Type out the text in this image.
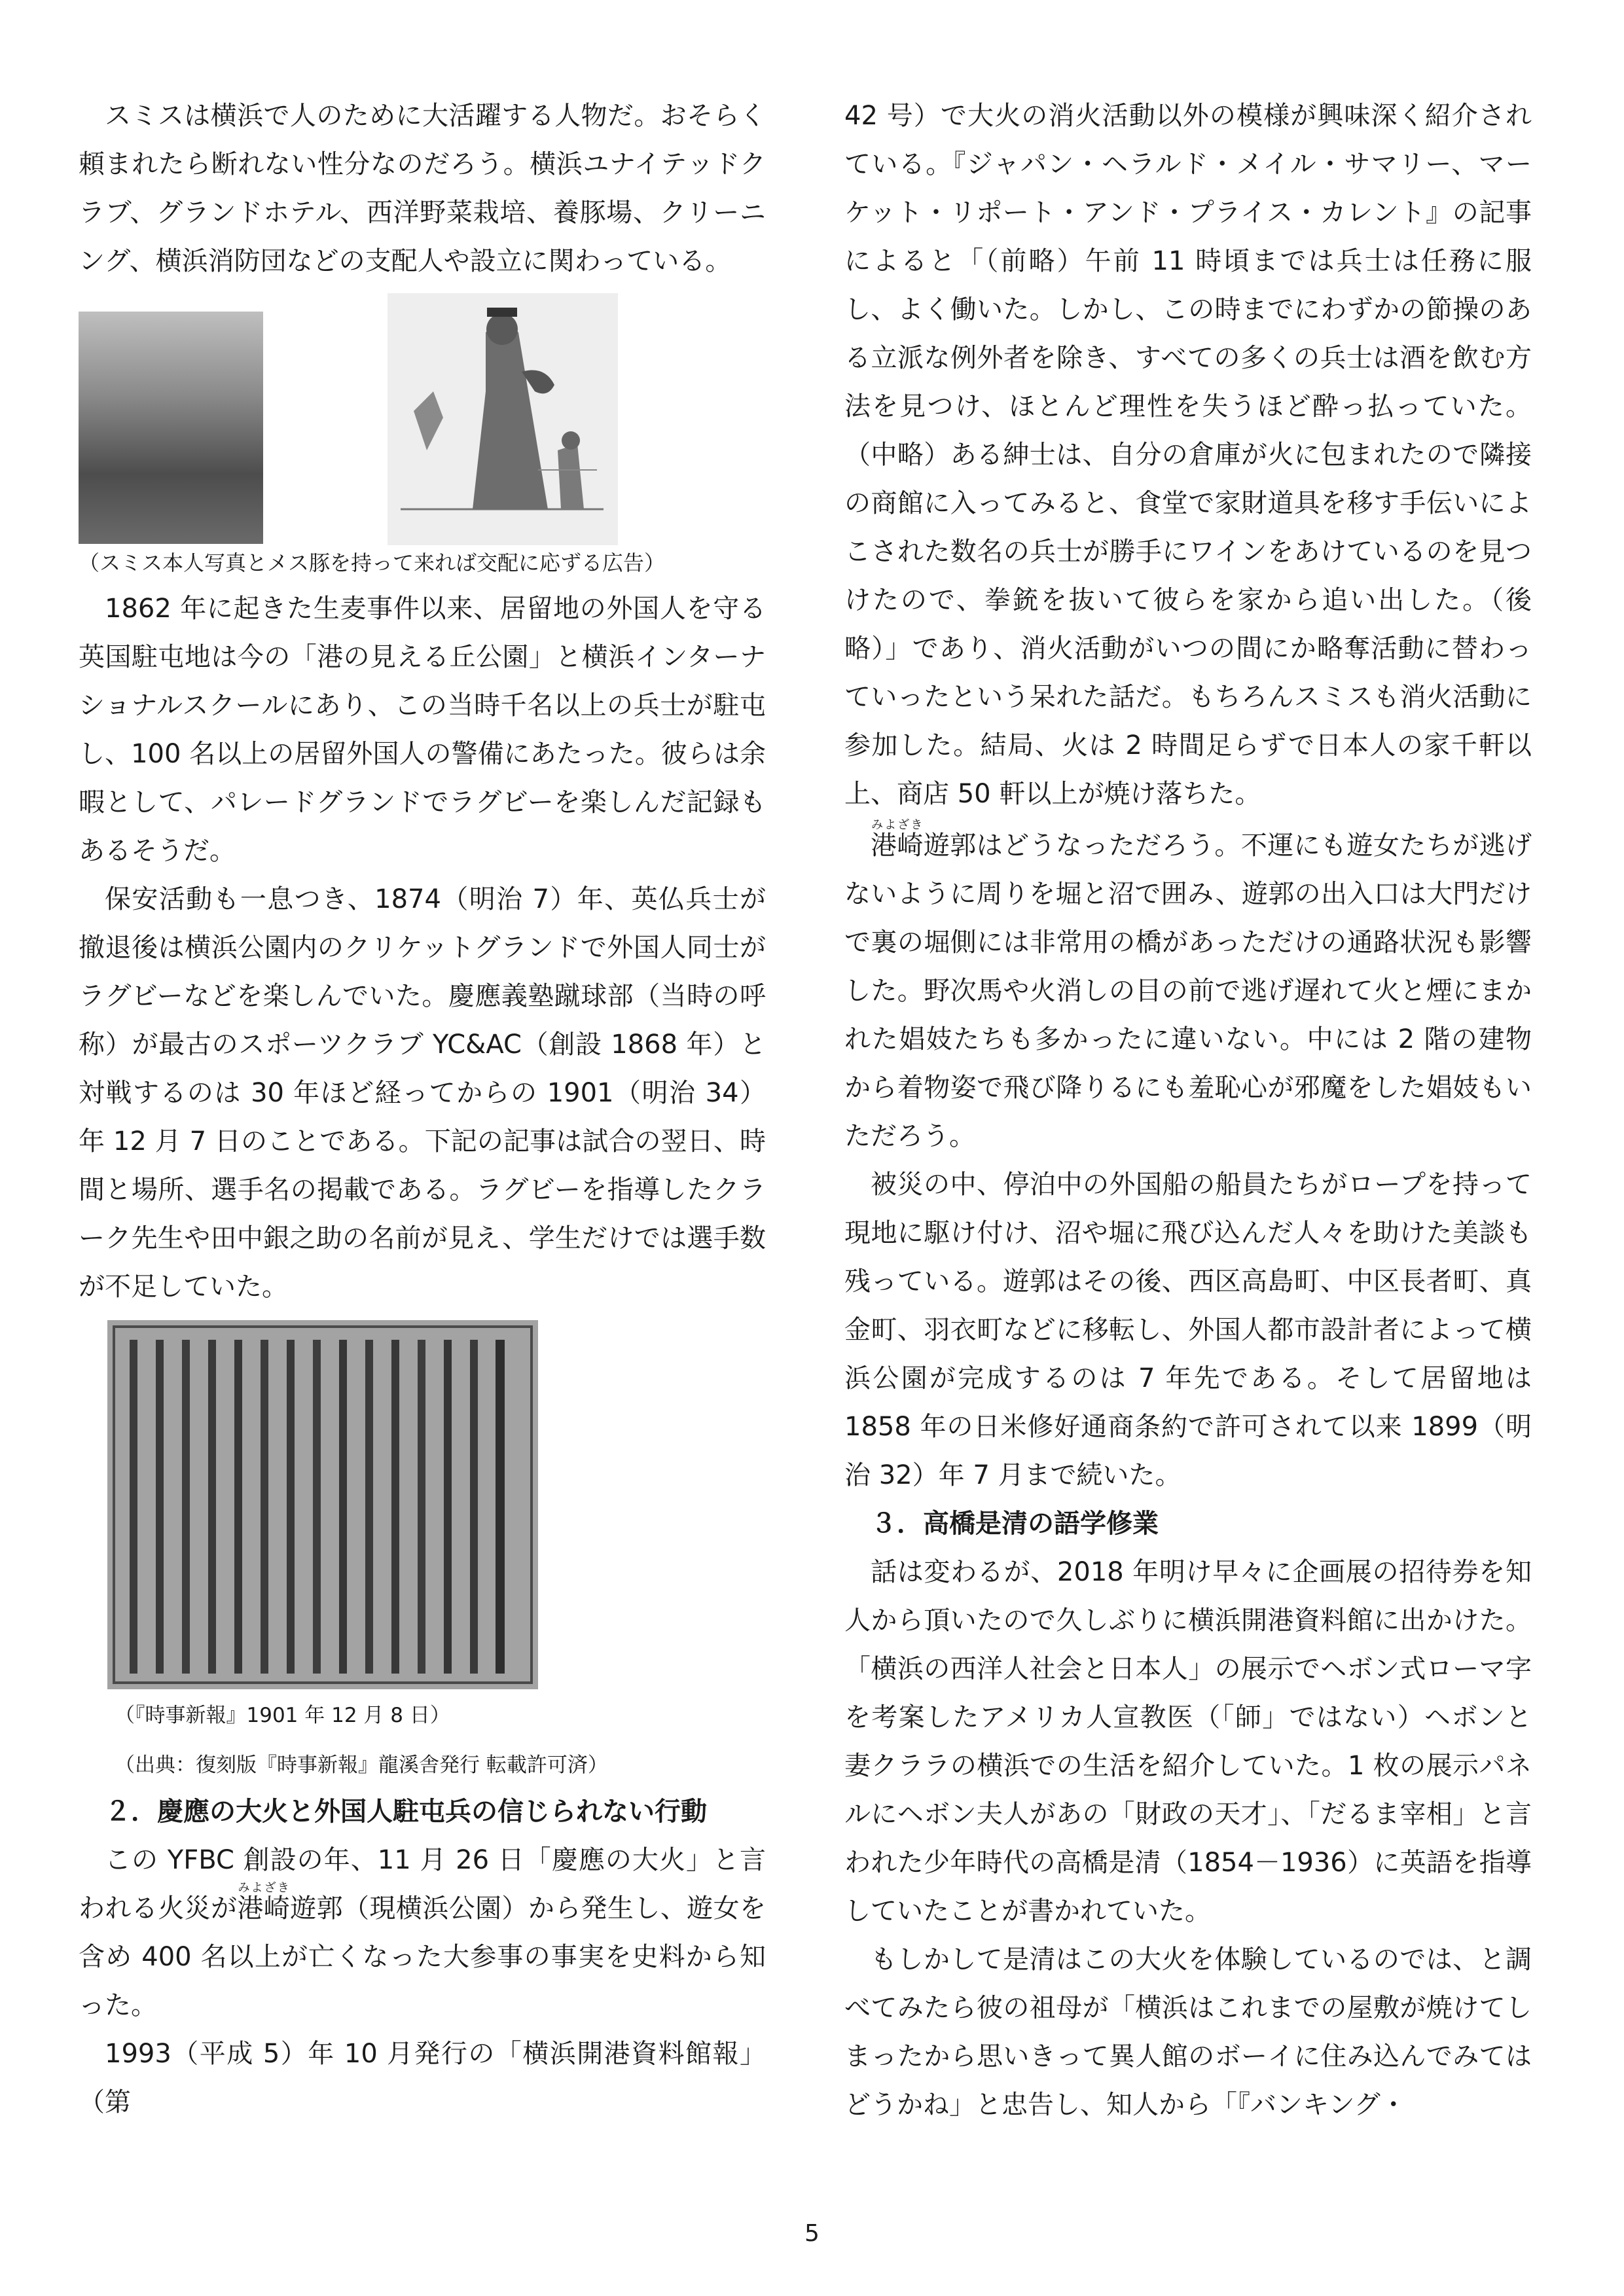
スミスは横浜で人のために大活躍する人物だ。おそらく頼まれたら断れない性分なのだろう。横浜ユナイテッドクラブ、グランドホテル、西洋野菜栽培、養豚場、クリーニング、横浜消防団などの支配人や設立に関わっている。

（スミス本人写真とメス豚を持って来れば交配に応ずる広告）

1862 年に起きた生麦事件以来、居留地の外国人を守る英国駐屯地は今の「港の見える丘公園」と横浜インターナショナルスクールにあり、この当時千名以上の兵士が駐屯し、100 名以上の居留外国人の警備にあたった。彼らは余暇として、パレードグランドでラグビーを楽しんだ記録もあるそうだ。

保安活動も一息つき、1874（明治 7）年、英仏兵士が撤退後は横浜公園内のクリケットグランドで外国人同士がラグビーなどを楽しんでいた。慶應義塾蹴球部（当時の呼称）が最古のスポーツクラブ YC&AC（創設 1868 年）と対戦するのは 30 年ほど経ってからの 1901（明治 34）年 12 月 7 日のことである。下記の記事は試合の翌日、時間と場所、選手名の掲載である。ラグビーを指導したクラーク先生や田中銀之助の名前が見え、学生だけでは選手数が不足していた。

（『時事新報』1901 年 12 月 8 日）
（出典：復刻版『時事新報』龍溪舎発行 転載許可済）
２．慶應の大火と外国人駐屯兵の信じられない行動

この YFBC 創設の年、11 月 26 日「慶應の大火」と言われる火災が港崎みよざき遊郭（現横浜公園）から発生し、遊女を含め 400 名以上が亡くなった大参事の事実を史料から知った。

1993（平成 5）年 10 月発行の「横浜開港資料館報」（第

42 号）で大火の消火活動以外の模様が興味深く紹介されている。『ジャパン・ヘラルド・メイル・サマリー、マーケット・リポート・アンド・プライス・カレント』の記事によると「（前略）午前 11 時頃までは兵士は任務に服し、よく働いた。しかし、この時までにわずかの節操のある立派な例外者を除き、すべての多くの兵士は酒を飲む方法を見つけ、ほとんど理性を失うほど酔っ払っていた。（中略）ある紳士は、自分の倉庫が火に包まれたので隣接の商館に入ってみると、食堂で家財道具を移す手伝いによこされた数名の兵士が勝手にワインをあけているのを見つけたので、拳銃を抜いて彼らを家から追い出した。（後略）」であり、消火活動がいつの間にか略奪活動に替わっていったという呆れた話だ。もちろんスミスも消火活動に参加した。結局、火は 2 時間足らずで日本人の家千軒以上、商店 50 軒以上が焼け落ちた。

港崎みよざき遊郭はどうなっただろう。不運にも遊女たちが逃げないように周りを堀と沼で囲み、遊郭の出入口は大門だけで裏の堀側には非常用の橋があっただけの通路状況も影響した。野次馬や火消しの目の前で逃げ遅れて火と煙にまかれた娼妓たちも多かったに違いない。中には 2 階の建物から着物姿で飛び降りるにも羞恥心が邪魔をした娼妓もいただろう。

被災の中、停泊中の外国船の船員たちがロープを持って現地に駆け付け、沼や堀に飛び込んだ人々を助けた美談も残っている。遊郭はその後、西区高島町、中区長者町、真金町、羽衣町などに移転し、外国人都市設計者によって横浜公園が完成するのは 7 年先である。そして居留地は 1858 年の日米修好通商条約で許可されて以来 1899（明治 32）年 7 月まで続いた。

３．高橋是清の語学修業

話は変わるが、2018 年明け早々に企画展の招待券を知人から頂いたので久しぶりに横浜開港資料館に出かけた。「横浜の西洋人社会と日本人」の展示でヘボン式ローマ字を考案したアメリカ人宣教医（「師」ではない）ヘボンと妻クララの横浜での生活を紹介していた。1 枚の展示パネルにヘボン夫人があの「財政の天才」、「だるま宰相」と言われた少年時代の高橋是清（1854－1936）に英語を指導していたことが書かれていた。

もしかして是清はこの大火を体験しているのでは、と調べてみたら彼の祖母が「横浜はこれまでの屋敷が焼けてしまったから思いきって異人館のボーイに住み込んでみてはどうかね」と忠告し、知人から「『バンキング・

5
